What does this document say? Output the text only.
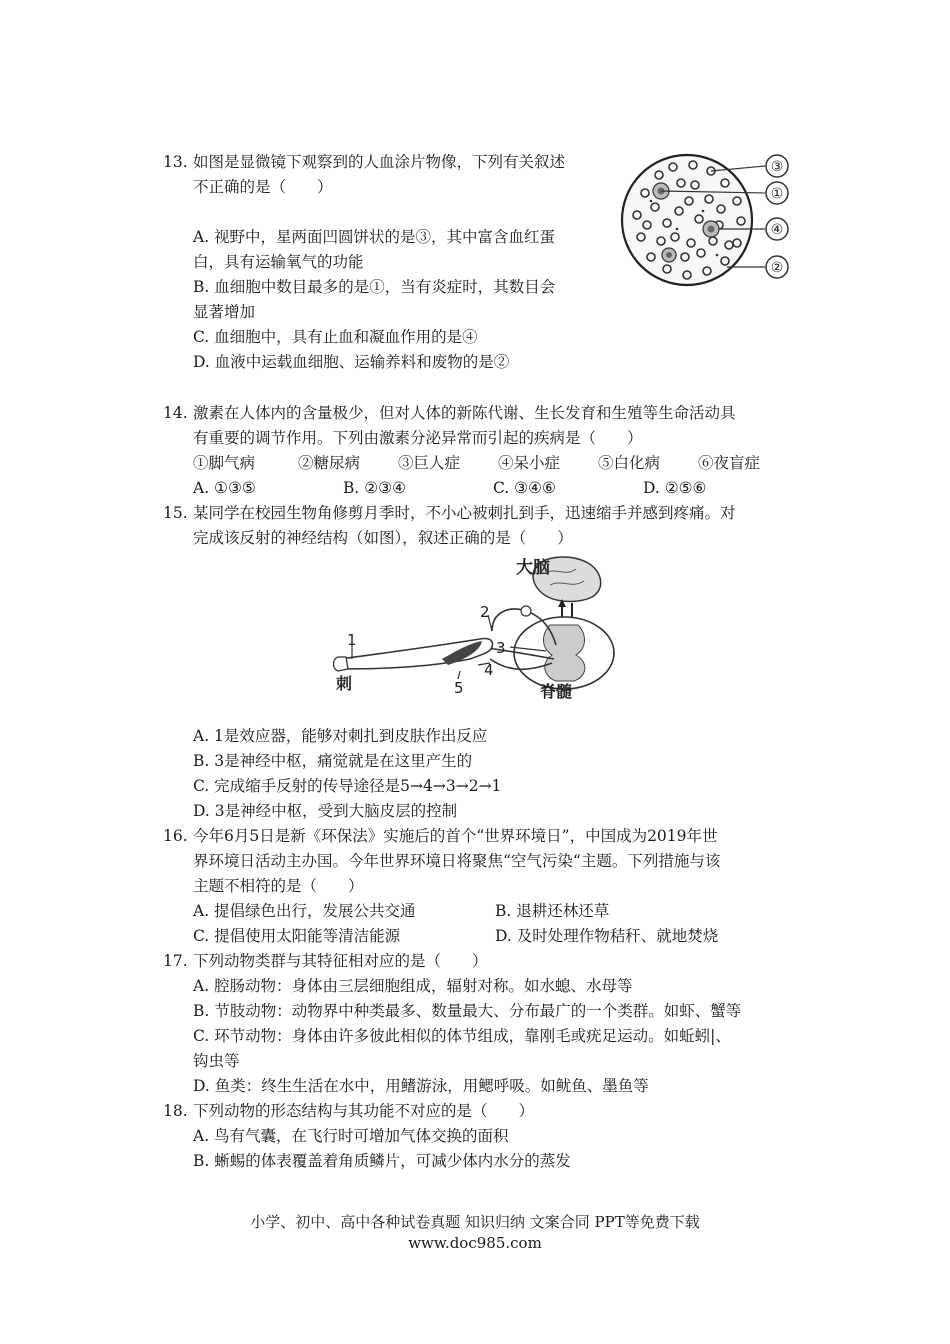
13. 如图是显微镜下观察到的人血涂片物像，下列有关叙述
不正确的是（　　）
A. 视野中，星两面凹圆饼状的是③，其中富含血红蛋
白，具有运输氧气的功能
B. 血细胞中数目最多的是①，当有炎症时，其数目会
显著增加
C. 血细胞中，具有止血和凝血作用的是④
D. 血液中运载血细胞、运输养料和废物的是②
③
①
④
②
14. 激素在人体内的含量极少，但对人体的新陈代谢、生长发育和生殖等生命活动具
有重要的调节作用。下列由激素分泌异常而引起的疾病是（　　）
①脚气病	②糖尿病 ③巨人症 ④呆小症 ⑤白化病 ⑥夜盲症
A. ①③⑤	B. ②③④	C. ③④⑥	D. ②⑤⑥
15. 某同学在校园生物角修剪月季时，不小心被刺扎到手，迅速缩手并感到疼痛。对
完成该反射的神经结构（如图），叙述正确的是（　　）
大脑
脊髓
刺
1
2
3
4
5
A. 1是效应器，能够对刺扎到皮肤作出反应
B. 3是神经中枢，痛觉就是在这里产生的
C. 完成缩手反射的传导途径是5→4→3→2→1
D. 3是神经中枢，受到大脑皮层的控制
16. 今年6月5日是新《环保法》实施后的首个“世界环境日”，中国成为2019年世
界环境日活动主办国。今年世界环境日将聚焦“空气污染“主题。下列措施与该
主题不相符的是（　　）
A. 提倡绿色出行，发展公共交通	B. 退耕还林还草
C. 提倡使用太阳能等清洁能源	D. 及时处理作物秸秆、就地焚烧
17. 下列动物类群与其特征相对应的是（　　）
A. 腔肠动物：身体由三层细胞组成，辐射对称。如水螅、水母等
B. 节肢动物：动物界中种类最多、数量最大、分布最广的一个类群。如虾、蟹等
C. 环节动物：身体由许多彼此相似的体节组成，靠刚毛或疣足运动。如蚯蚓|、
钩虫等
D. 鱼类：终生生活在水中，用鳍游泳，用鳃呼吸。如鱿鱼、墨鱼等
18. 下列动物的形态结构与其功能不对应的是（　　）
A. 鸟有气囊，在飞行时可增加气体交换的面积
B. 蜥蜴的体表覆盖着角质鳞片，可减少体内水分的蒸发
小学、初中、高中各种试卷真题 知识归纳 文案合同 PPT等免费下载
www.doc985.com
